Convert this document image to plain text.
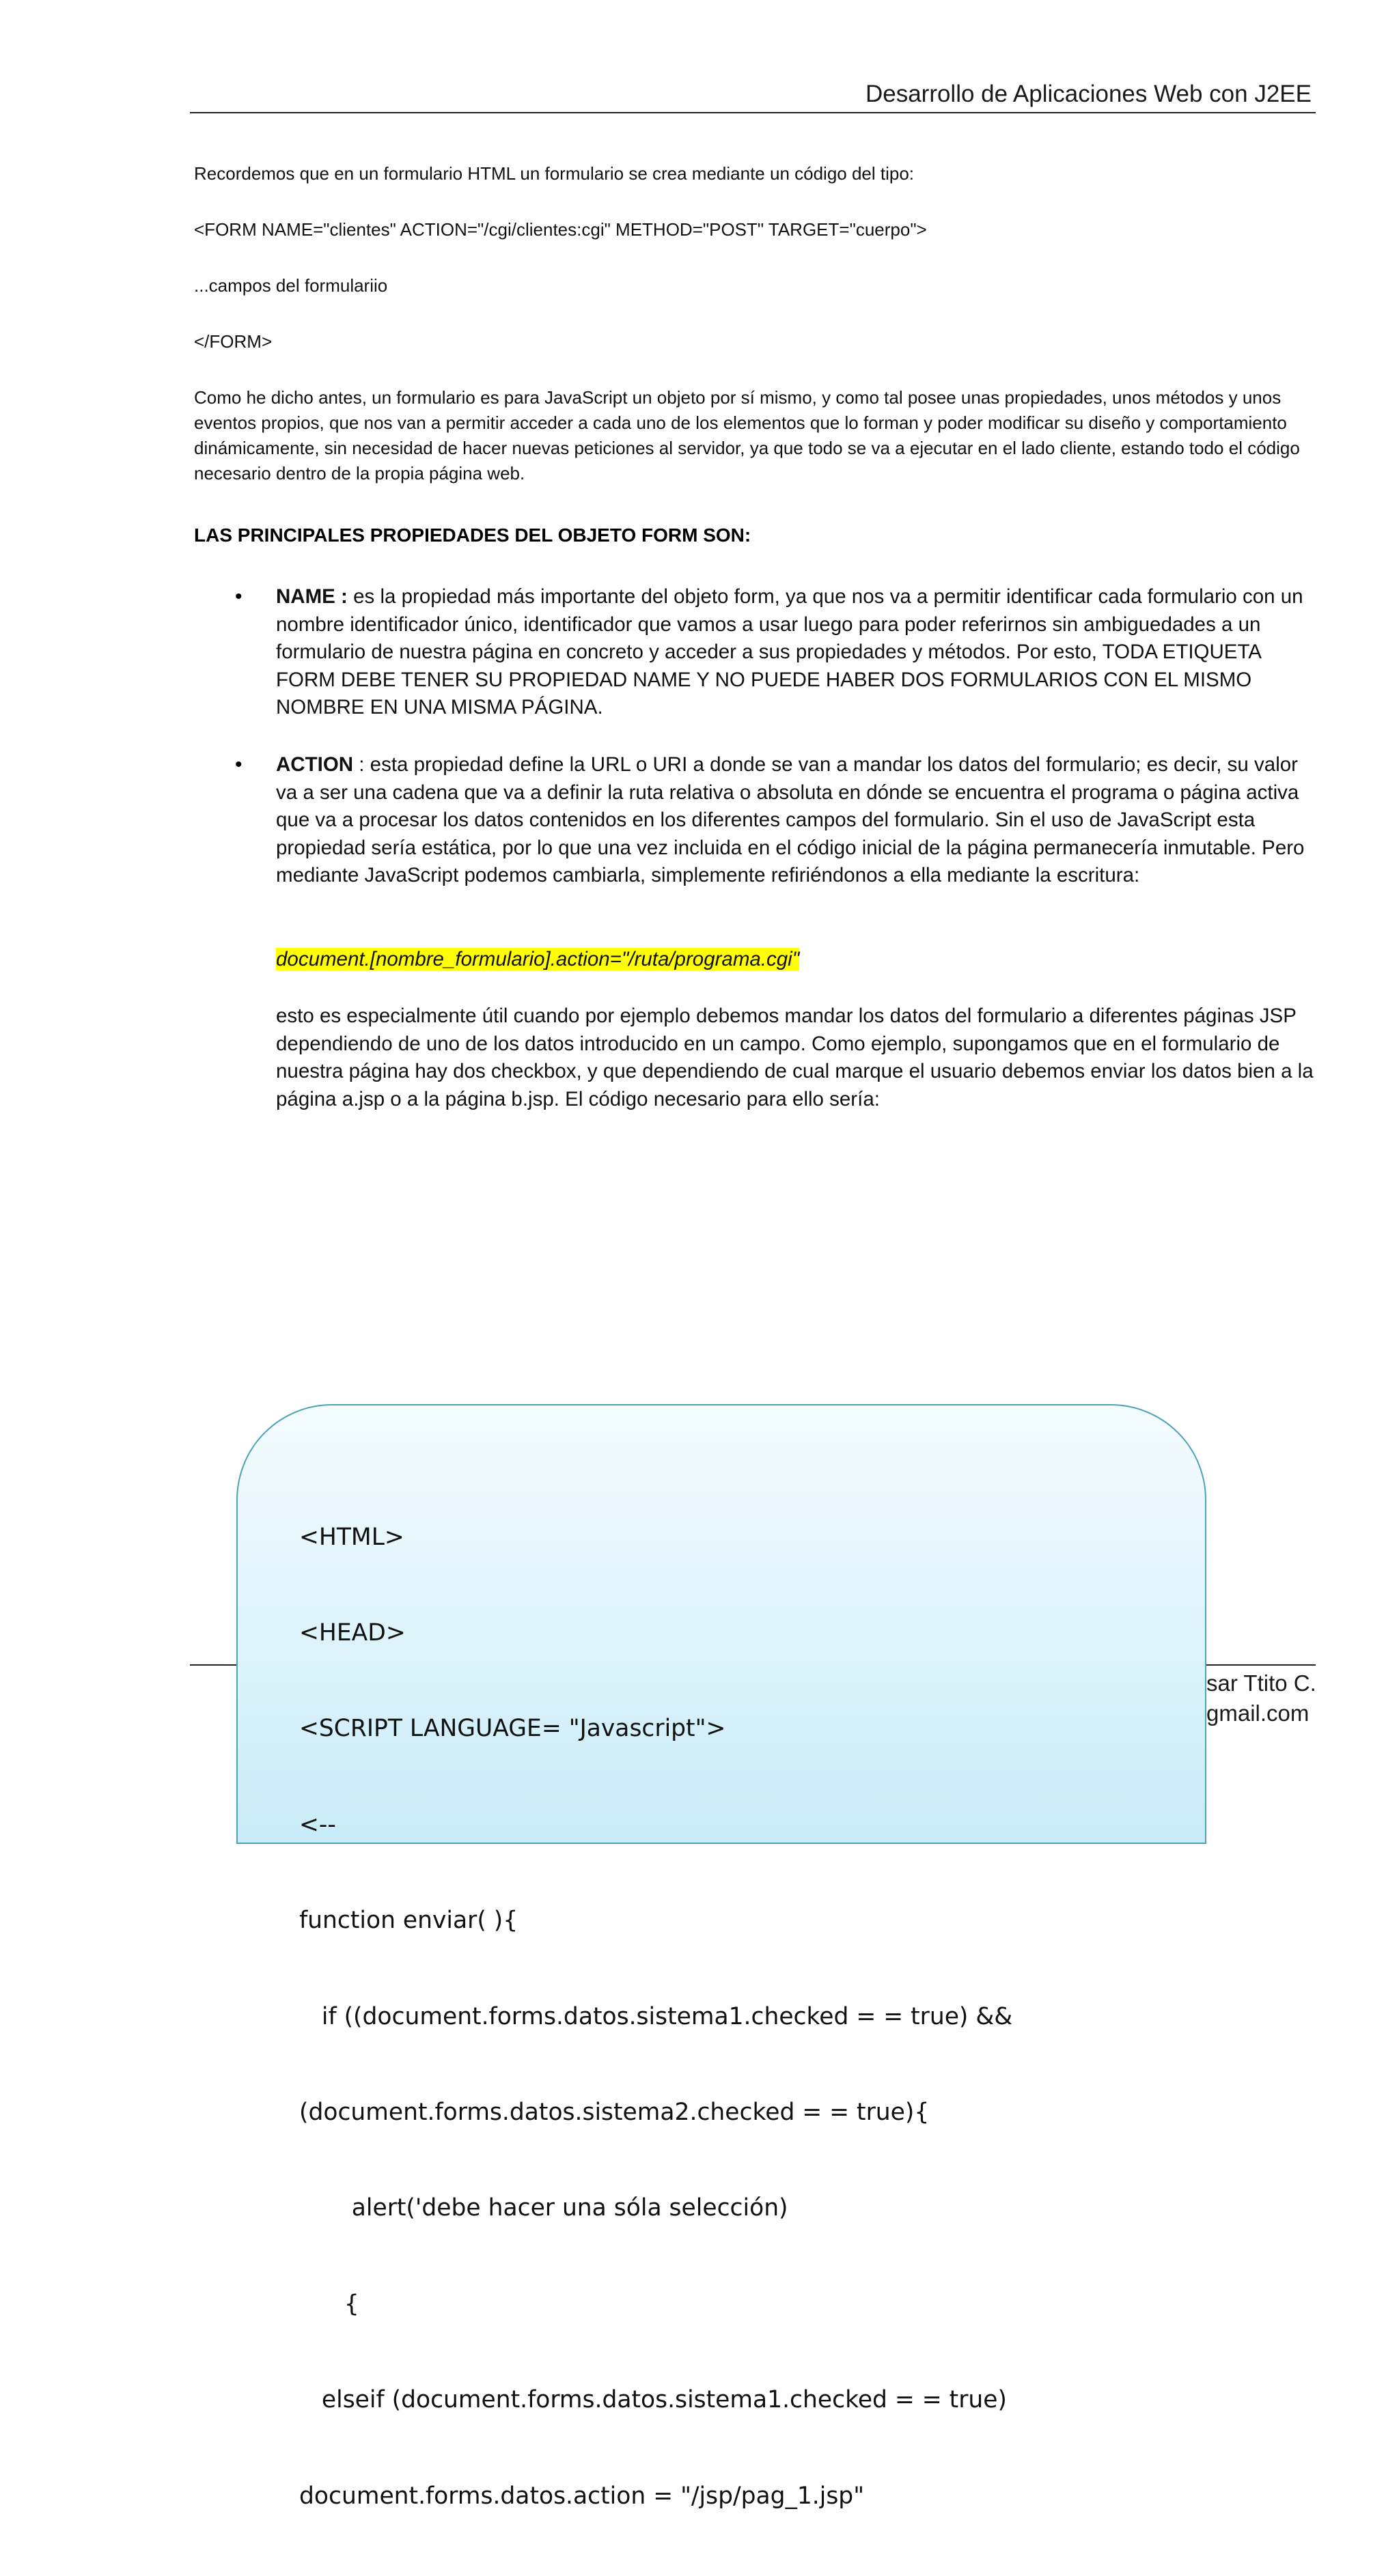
Desarrollo de Aplicaciones Web con J2EE
Recordemos que en un formulario HTML un formulario se crea mediante un código del tipo:
<FORM NAME="clientes" ACTION="/cgi/clientes:cgi" METHOD="POST" TARGET="cuerpo">
...campos del formulariio
</FORM>
Como he dicho antes, un formulario es para JavaScript un objeto por sí mismo, y como tal posee unas propiedades, unos métodos y unos eventos propios, que nos van a permitir acceder a cada uno de los elementos que lo forman y poder modificar su diseño y comportamiento dinámicamente, sin necesidad de hacer nuevas peticiones al servidor, ya que todo se va a ejecutar en el lado cliente, estando todo el código necesario dentro de la propia página web.
LAS PRINCIPALES PROPIEDADES DEL OBJETO FORM SON:
• NAME : es la propiedad más importante del objeto form, ya que nos va a permitir identificar cada formulario con un nombre identificador único, identificador que vamos a usar luego para poder referirnos sin ambiguedades a un formulario de nuestra página en concreto y acceder a sus propiedades y métodos. Por esto, TODA ETIQUETA FORM DEBE TENER SU PROPIEDAD NAME Y NO PUEDE HABER DOS FORMULARIOS CON EL MISMO NOMBRE EN UNA MISMA PÁGINA.
• ACTION : esta propiedad define la URL o URI a donde se van a mandar los datos del formulario; es decir, su valor va a ser una cadena que va a definir la ruta relativa o absoluta en dónde se encuentra el programa o página activa que va a procesar los datos contenidos en los diferentes campos del formulario. Sin el uso de JavaScript esta propiedad sería estática, por lo que una vez incluida en el código inicial de la página permanecería inmutable. Pero mediante JavaScript podemos cambiarla, simplemente refiriéndonos a ella mediante la escritura:
document.[nombre_formulario].action="/ruta/programa.cgi"
esto es especialmente útil cuando por ejemplo debemos mandar los datos del formulario a diferentes páginas JSP dependiendo de uno de los datos introducido en un campo. Como ejemplo, supongamos que en el formulario de nuestra página hay dos checkbox, y que dependiendo de cual marque el usuario debemos enviar los datos bien a la página a.jsp o a la página b.jsp. El código necesario para ello sería:
sar Ttito C.
gmail.com

<HTML>

<HEAD>

<SCRIPT LANGUAGE= "Javascript">

<--

function enviar( ){

if ((document.forms.datos.sistema1.checked = = true) &&

(document.forms.datos.sistema2.checked = = true){

alert('debe hacer una sóla selección)

{

elseif (document.forms.datos.sistema1.checked = = true)

document.forms.datos.action = "/jsp/pag_1.jsp"
